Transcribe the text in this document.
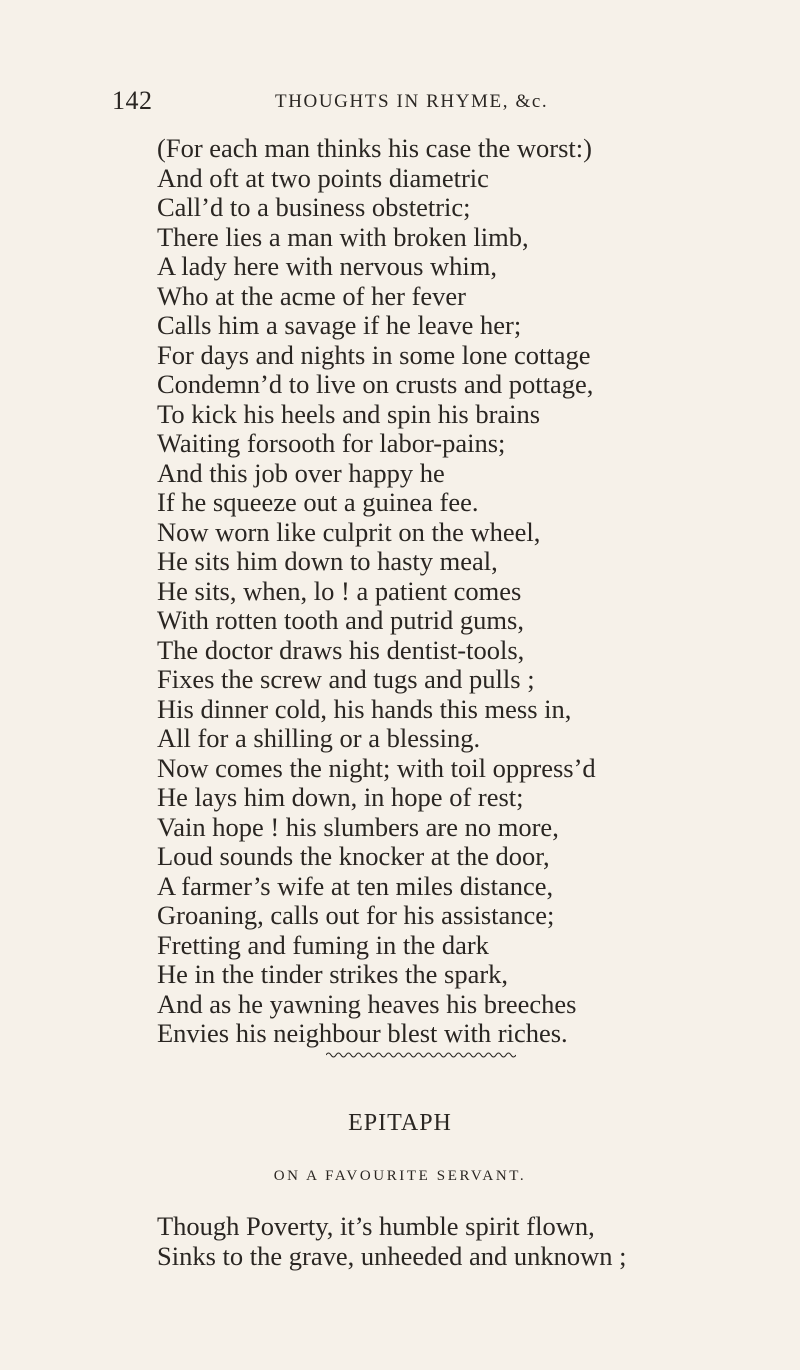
142	THOUGHTS IN RHYME, &c.
(For each man thinks his case the worst:)
And oft at two points diametric
Call’d to a business obstetric;
There lies a man with broken limb,
A lady here with nervous whim,
Who at the acme of her fever
Calls him a savage if he leave her;
For days and nights in some lone cottage
Condemn’d to live on crusts and pottage,
To kick his heels and spin his brains
Waiting forsooth for labor-pains;
And this job over happy he
If he squeeze out a guinea fee.
Now worn like culprit on the wheel,
He sits him down to hasty meal,
He sits, when, lo ! a patient comes
With rotten tooth and putrid gums,
The doctor draws his dentist-tools,
Fixes the screw and tugs and pulls ;
His dinner cold, his hands this mess in,
All for a shilling or a blessing.
Now comes the night; with toil oppress’d
He lays him down, in hope of rest;
Vain hope ! his slumbers are no more,
Loud sounds the knocker at the door,
A farmer’s wife at ten miles distance,
Groaning, calls out for his assistance;
Fretting and fuming in the dark
He in the tinder strikes the spark,
And as he yawning heaves his breeches
Envies his neighbour blest with riches.
EPITAPH
ON A FAVOURITE SERVANT.
Though Poverty, it’s humble spirit flown,
Sinks to the grave, unheeded and unknown ;
